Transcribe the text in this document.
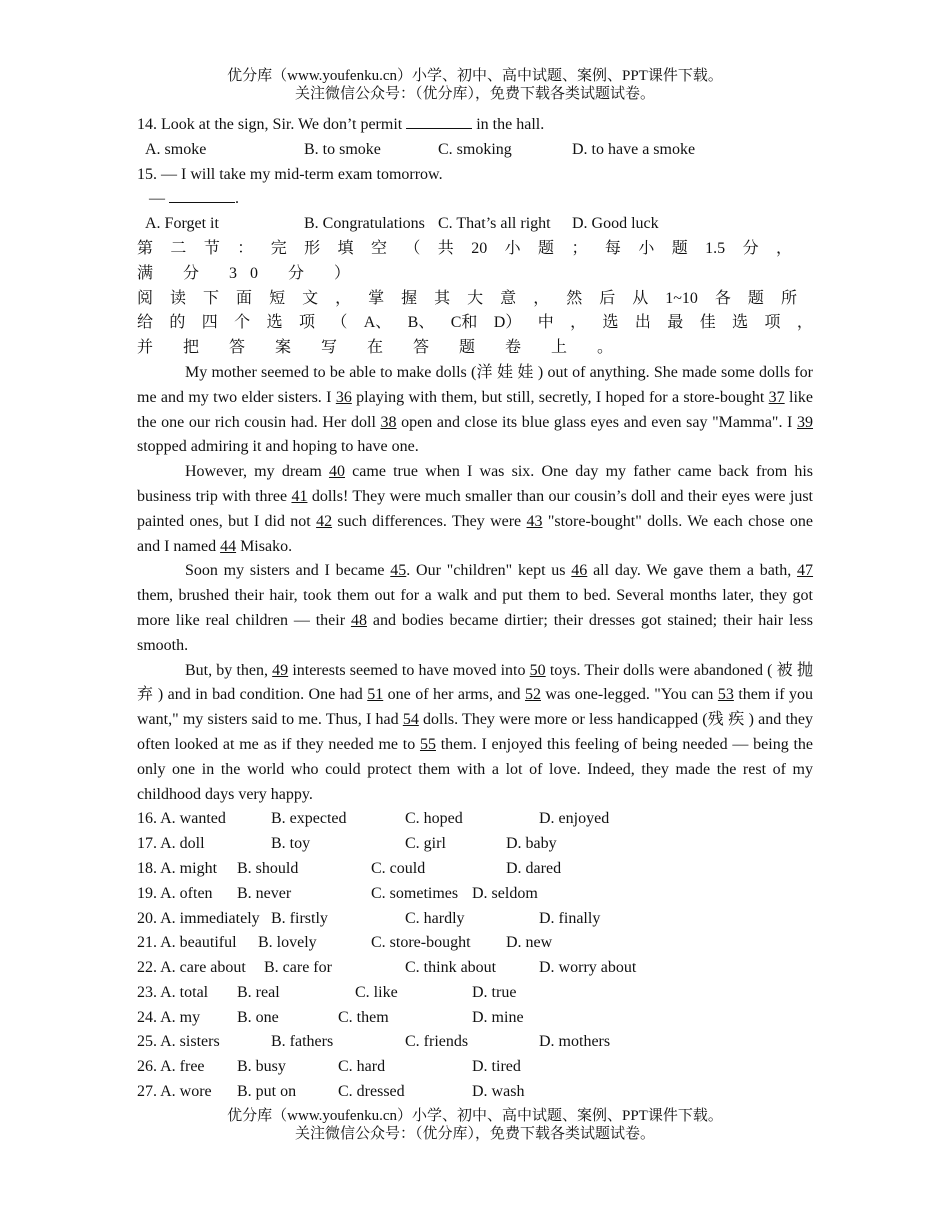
优分库（www.youfenku.cn）小学、初中、高中试题、案例、PPT课件下载。
关注微信公众号：（优分库），免费下载各类试题试卷。
14. Look at the sign, Sir. We don’t permit	in the hall.
A. smoke	B. to smoke	C. smoking	D. to have a smoke
15. — I will take my mid-term exam tomorrow.
—	.
A. Forget it	B. Congratulations C. That’s all right D. Good luck
第 二 节 ： 完 形 填 空 （ 共 20 小 题 ； 每 小 题 1.5 分 ，
满 分 30 分 ）
阅 读 下 面 短 文 ， 掌 握 其 大 意 ， 然 后 从 1~10 各 题 所
给 的 四 个 选 项 （ A、 B、 C和 D） 中 ， 选 出 最 佳 选 项 ，
并 把 答 案 写 在 答 题 卷 上 。
My mother seemed to be able to make dolls (洋 娃 娃 ) out of anything. She made some dolls for me and my two elder sisters. I 36 playing with them, but still, secretly, I hoped for a store-bought 37 like the one our rich cousin had. Her doll 38 open and close its blue glass eyes and even say "Mamma". I 39 stopped admiring it and hoping to have one.
However, my dream 40 came true when I was six. One day my father came back from his business trip with three 41 dolls! They were much smaller than our cousin’s doll and their eyes were just painted ones, but I did not 42 such differences. They were 43 "store-bought" dolls. We each chose one and I named 44 Misako.
Soon my sisters and I became 45. Our "children" kept us 46 all day. We gave them a bath, 47 them, brushed their hair, took them out for a walk and put them to bed. Several months later, they got more like real children — their 48 and bodies became dirtier; their dresses got stained; their hair less smooth.
But, by then, 49 interests seemed to have moved into 50 toys. Their dolls were abandoned ( 被 抛 弃 ) and in bad condition. One had 51 one of her arms, and 52 was one-legged. "You can 53 them if you want," my sisters said to me. Thus, I had 54 dolls. They were more or less handicapped (残 疾 ) and they often looked at me as if they needed me to 55 them. I enjoyed this feeling of being needed — being the only one in the world who could protect them with a lot of love. Indeed, they made the rest of my childhood days very happy.
16. A. wanted	B. expected	C. hoped	D. enjoyed
17. A. doll	B. toy	C. girl	D. baby
18. A. might B. should	C. could	D. dared
19. A. often B. never	C. sometimes D. seldom
20. A. immediately B. firstly	C. hardly	D. finally
21. A. beautiful B. lovely	C. store-bought D. new
22. A. care about B. care for	C. think about	D. worry about
23. A. total B. real	C. like	D. true
24. A. my B. one	C. them	D. mine
25. A. sisters	B. fathers	C. friends	D. mothers
26. A. free B. busy	C. hard	D. tired
27. A. wore B. put on	C. dressed	D. wash
优分库（www.youfenku.cn）小学、初中、高中试题、案例、PPT课件下载。
关注微信公众号：（优分库），免费下载各类试题试卷。
